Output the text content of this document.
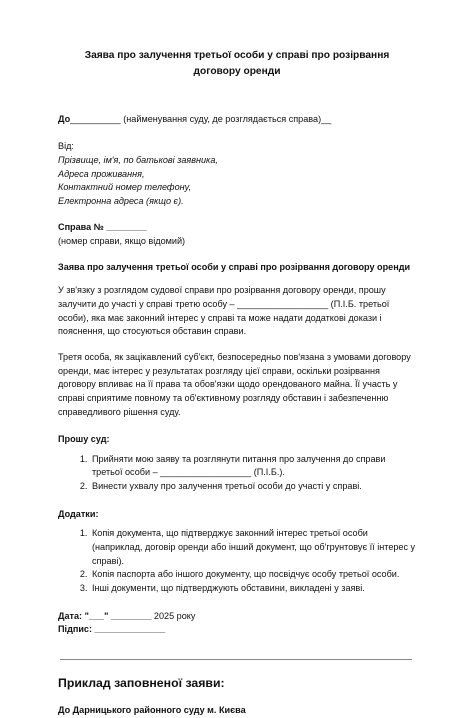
Заява про залучення третьої особи у справі про розірвання договору оренди
До__________ (найменування суду, де розглядається справа)__
Від:
Прізвище, ім'я, по батькові заявника,
Адреса проживання,
Контактний номер телефону,
Електронна адреса (якщо є).
Справа № ________
(номер справи, якщо відомий)
Заява про залучення третьої особи у справі про розірвання договору оренди

У зв'язку з розглядом судової справи про розірвання договору оренди, прошу залучити до участі у справі третю особу – __________________ (П.І.Б. третьої особи), яка має законний інтерес у справі та може надати додаткові докази і пояснення, що стосуються обставин справи.

Третя особа, як зацікавлений суб'єкт, безпосередньо пов'язана з умовами договору оренди, має інтерес у результатах розгляду цієї справи, оскільки розірвання договору впливає на її права та обов'язки щодо орендованого майна. Її участь у справі сприятиме повному та об'єктивному розгляду обставин і забезпеченню справедливого рішення суду.

Прошу суд:
1. Прийняти мою заяву та розглянути питання про залучення до справи третьої особи – __________________ (П.І.Б.).
2. Винести ухвалу про залучення третьої особи до участі у справі.
Додатки:
1. Копія документа, що підтверджує законний інтерес третьої особи (наприклад, договір оренди або інший документ, що об'грунтовує її інтерес у справі).
2. Копія паспорта або іншого документу, що посвідчує особу третьої особи.
3. Інші документи, що підтверджують обставини, викладені у заяві.
Дата: "___" ________ 2025 року
Підпис: ______________
Приклад заповненої заяви:
До Дарницького районного суду м. Києва
